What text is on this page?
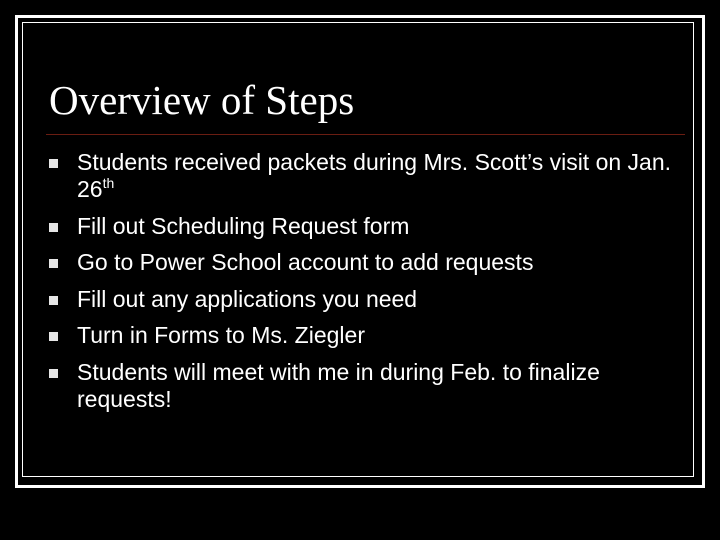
Overview of Steps
Students received packets during Mrs. Scott’s visit on Jan. 26th
Fill out Scheduling Request form
Go to Power School account to add requests
Fill out any applications you need
Turn in Forms to Ms. Ziegler
Students will meet with me in during Feb. to finalize requests!
